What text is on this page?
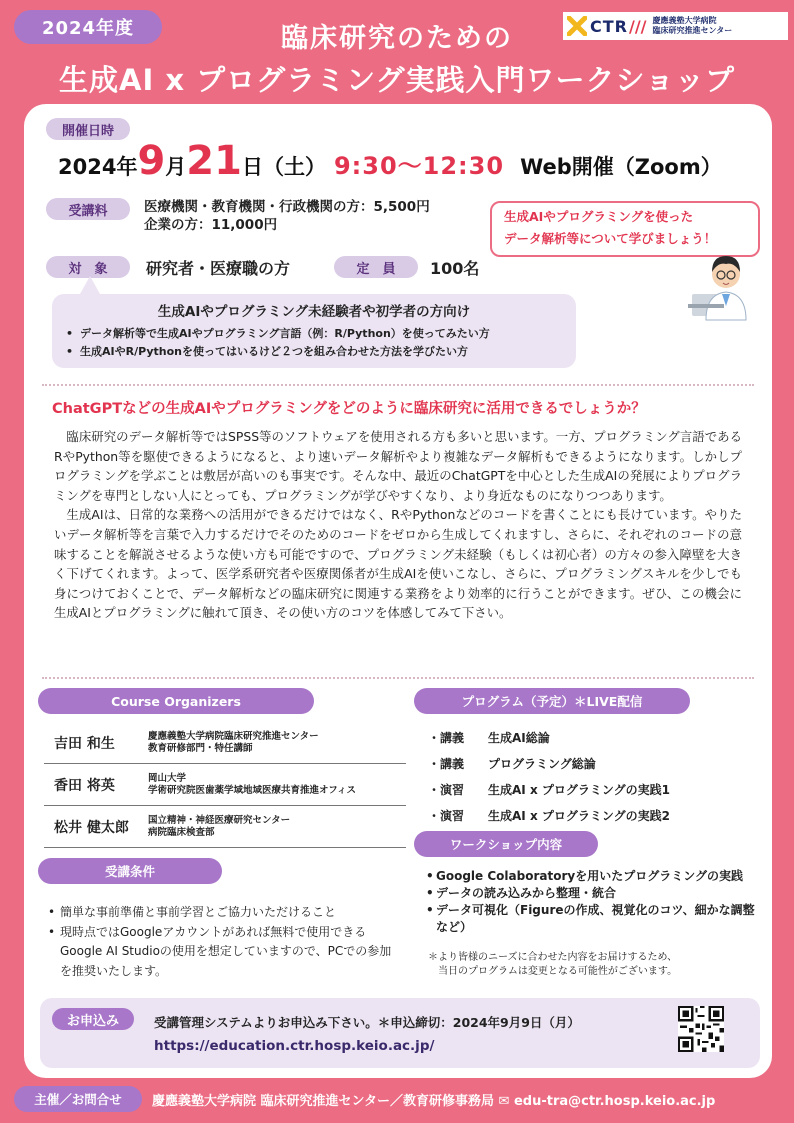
2024年度	臨床研究のための
生成AI x プログラミング実践入門ワークショップ
CTR /// 慶應義塾大学病院
臨床研究推進センター
開催日時
2024年 9 月 21 日 （土） 9:30〜12:30 Web開催（Zoom）
受講料	医療機関・教育機関・行政機関の方：5,500円
企業の方：11,000円
生成AIやプログラミングを使った
データ解析等について学びましょう！
対　象	研究者・医療職の方	定　員	100名
生成AIやプログラミング未経験者や初学者の方向け
• データ解析等で生成AIやプログラミング言語（例：R/Python）を使ってみたい方
• 生成AIやR/Pythonを使ってはいるけど２つを組み合わせた方法を学びたい方
ChatGPTなどの生成AIやプログラミングをどのように臨床研究に活用できるでしょうか？

臨床研究のデータ解析等ではSPSS等のソフトウェアを使用される方も多いと思います。一方、プログラミング言語であるRやPython等を駆使できるようになると、より速いデータ解析やより複雑なデータ解析もできるようになります。しかしプログラミングを学ぶことは敷居が高いのも事実です。そんな中、最近のChatGPTを中心とした生成AIの発展によりプログラミングを専門としない人にとっても、プログラミングが学びやすくなり、より身近なものになりつつあります。

生成AIは、日常的な業務への活用ができるだけではなく、RやPythonなどのコードを書くことにも長けています。やりたいデータ解析等を言葉で入力するだけでそのためのコードをゼロから生成してくれますし、さらに、それぞれのコードの意味することを解説させるような使い方も可能ですので、プログラミング未経験（もしくは初心者）の方々の参入障壁を大きく下げてくれます。よって、医学系研究者や医療関係者が生成AIを使いこなし、さらに、プログラミングスキルを少しでも身につけておくことで、データ解析などの臨床研究に関連する業務をより効率的に行うことができます。ぜひ、この機会に生成AIとプログラミングに触れて頂き、その使い方のコツを体感してみて下さい。

Course Organizers
吉田 和生	慶應義塾大学病院臨床研究推進センター
教育研修部門・特任講師
香田 将英	岡山大学
学術研究院医歯薬学域地域医療共育推進オフィス
松井 健太郎	国立精神・神経医療研究センター
病院臨床検査部
受講条件
• 簡単な事前準備と事前学習とご協力いただけること
• 現時点ではGoogleアカウントがあれば無料で使用できるGoogle AI Studioの使用を想定していますので、PCでの参加を推奨いたします。
プログラム（予定）＊LIVE配信
・ 講義	生成AI総論
・ 講義	プログラミング総論
・ 演習	生成AI x プログラミングの実践1
・ 演習	生成AI x プログラミングの実践2
ワークショップ内容
• Google Colaboratoryを用いたプログラミングの実践
• データの読み込みから整理・統合
• データ可視化（Figureの作成、視覚化のコツ、細かな調整など）
＊より皆様のニーズに合わせた内容をお届けするため、
当日のプログラムは変更となる可能性がございます。
お申込み	受講管理システムよりお申込み下さい。＊申込締切：2024年9月9日（月）
https://education.ctr.hosp.keio.ac.jp/
主催／お問合せ	慶應義塾大学病院 臨床研究推進センター／教育研修事務局 ✉ edu-tra@ctr.hosp.keio.ac.jp
